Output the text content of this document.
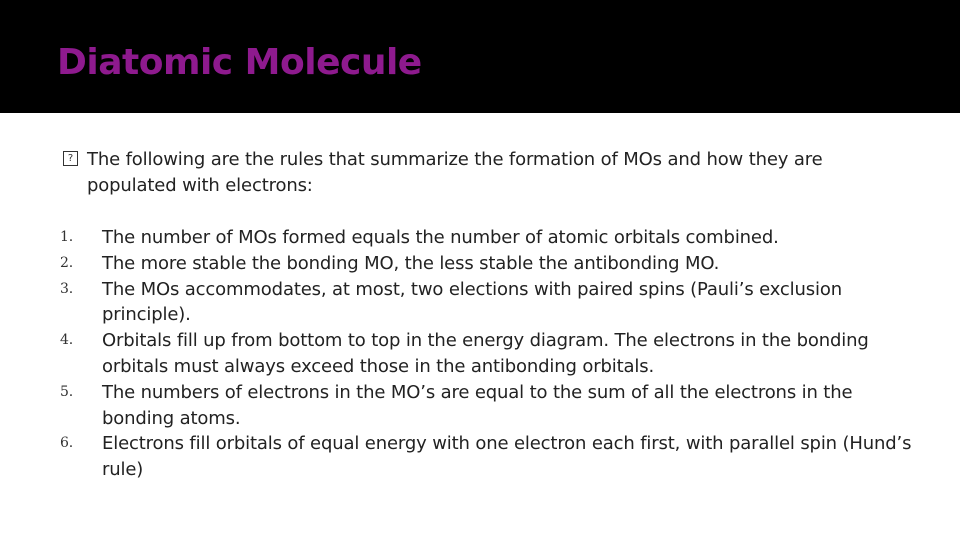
Diatomic Molecule
? The following are the rules that summarize the formation of MOs and how they are populated with electrons:

1. The number of MOs formed equals the number of atomic orbitals combined.
2. The more stable the bonding MO, the less stable the antibonding MO.
3. The MOs accommodates, at most, two elections with paired spins (Pauli’s exclusion principle).
4. Orbitals fill up from bottom to top in the energy diagram. The electrons in the bonding orbitals must always exceed those in the antibonding orbitals.
5. The numbers of electrons in the MO’s are equal to the sum of all the electrons in the bonding atoms.
6. Electrons fill orbitals of equal energy with one electron each first, with parallel spin (Hund’s rule)
